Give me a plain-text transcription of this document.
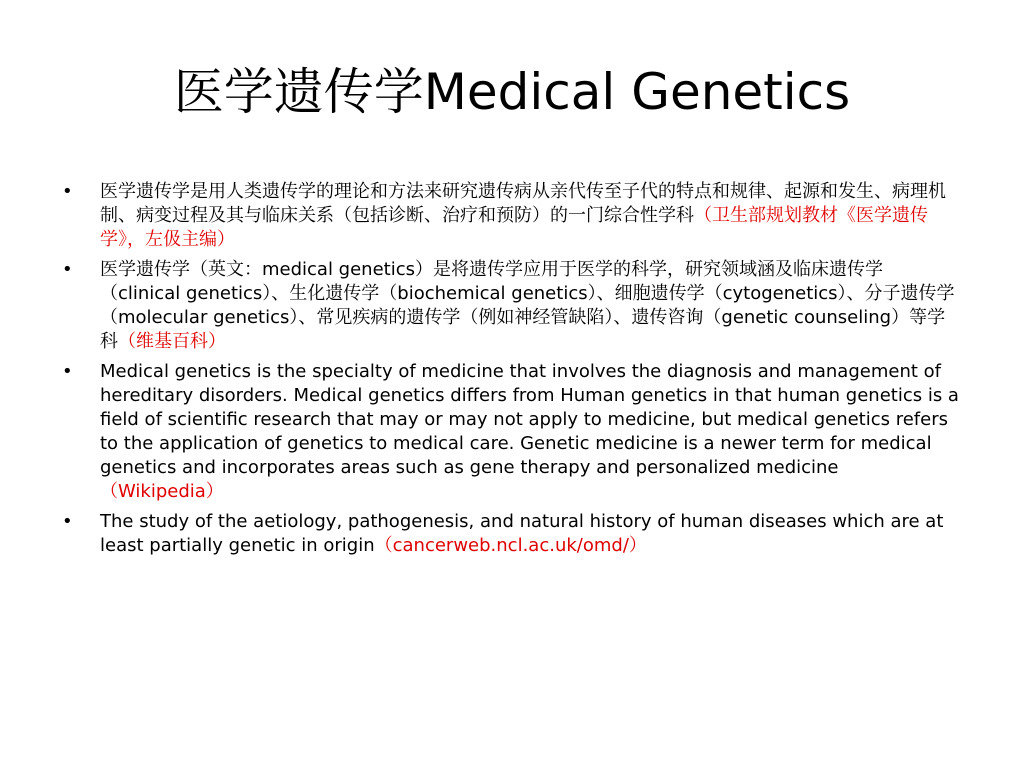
医学遗传学Medical Genetics
• 医学遗传学是用人类遗传学的理论和方法来研究遗传病从亲代传至子代的特点和规律、起源和发生、病理机制、病变过程及其与临床关系（包括诊断、治疗和预防）的一门综合性学科（卫生部规划教材《医学遗传学》，左伋主编）
• 医学遗传学（英文：medical genetics）是将遗传学应用于医学的科学，研究领域涵及临床遗传学（clinical genetics）、生化遗传学（biochemical genetics）、细胞遗传学（cytogenetics）、分子遗传学（molecular genetics）、常见疾病的遗传学（例如神经管缺陷）、遗传咨询（genetic counseling）等学科（维基百科）
• Medical genetics is the specialty of medicine that involves the diagnosis and management of hereditary disorders. Medical genetics differs from Human genetics in that human genetics is a field of scientific research that may or may not apply to medicine, but medical genetics refers to the application of genetics to medical care. Genetic medicine is a newer term for medical genetics and incorporates areas such as gene therapy and personalized medicine （Wikipedia）
• The study of the aetiology, pathogenesis, and natural history of human diseases which are at least partially genetic in origin（cancerweb.ncl.ac.uk/omd/）
